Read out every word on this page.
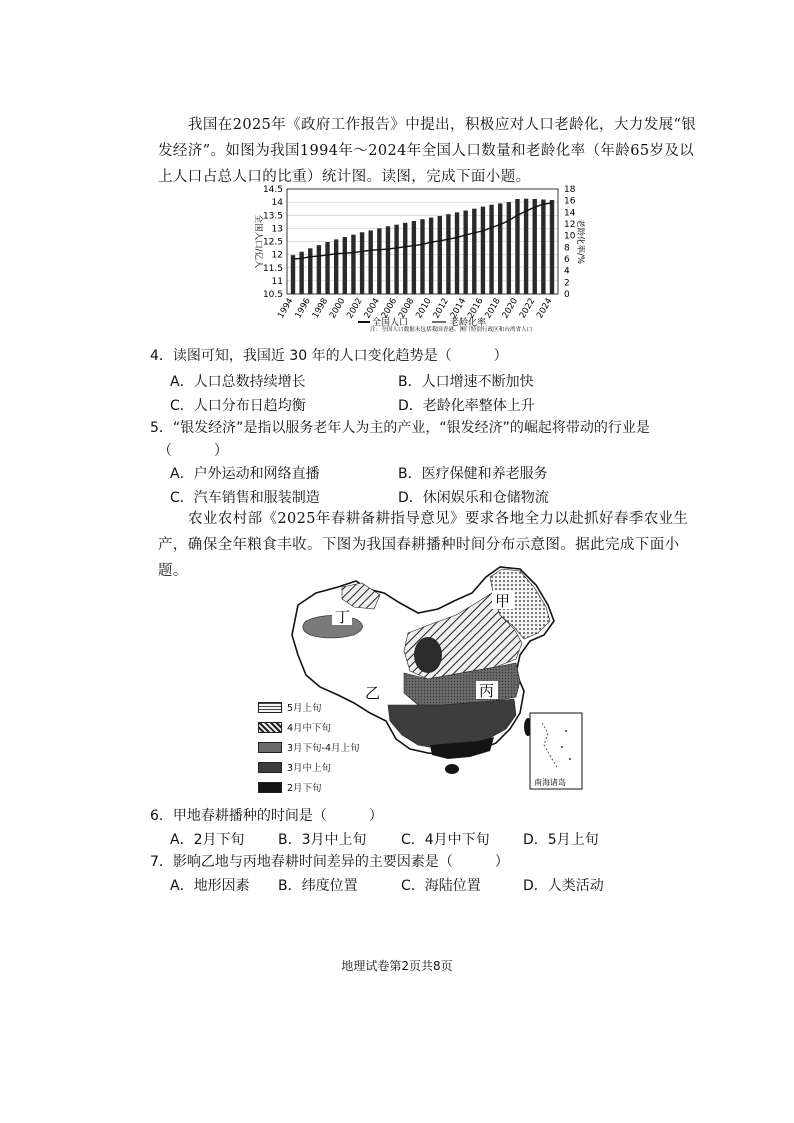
我国在2025年《政府工作报告》中提出，积极应对人口老龄化，大力发展“银发经济”。如图为我国1994年～2024年全国人口数量和老龄化率（年龄65岁及以上人口占总人口的比重）统计图。读图，完成下面小题。
14.5
14
13.5
13
12.5
12
11.5
11
10.5
18
16
14
12
10
8
6
4
2
0
1994
1996
1998
2000
2002
2004
2006
2008
2010
2012
2014
2016
2018
2020
2022
2024
全国人口/亿人	老龄化率/%
全国人口	老龄化率
注：全国人口数据未包括我国香港、澳门特别行政区和台湾省人口
4．读图可知，我国近 30 年的人口变化趋势是（　　　）
A．人口总数持续增长	B．人口增速不断加快
C．人口分布日趋均衡	D．老龄化率整体上升
5．“银发经济”是指以服务老年人为主的产业，“银发经济”的崛起将带动的行业是
（　　　）
A．户外运动和网络直播	B．医疗保健和养老服务
C．汽车销售和服装制造	D．休闲娱乐和仓储物流
农业农村部《2025年春耕备耕指导意见》要求各地全力以赴抓好春季农业生产，确保全年粮食丰收。下图为我国春耕播种时间分布示意图。据此完成下面小题。
甲
丁
乙	丙
南海诸岛
5月上旬
4月中下旬
3月下旬-4月上旬
3月中上旬
2月下旬
6．甲地春耕播种的时间是（　　　）
A．2月下旬 B．3月中上旬 C．4月中下旬 D．5月上旬
7．影响乙地与丙地春耕时间差异的主要因素是（　　　）
A．地形因素 B．纬度位置	C．海陆位置	D．人类活动
地理试卷第2页共8页
